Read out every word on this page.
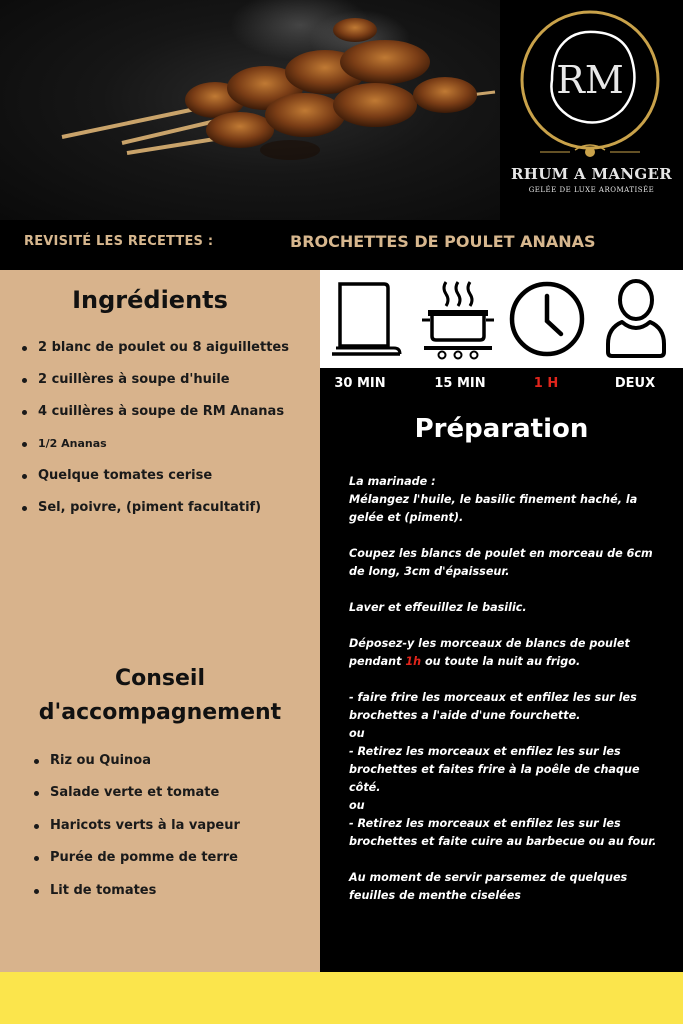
RM
RHUM A MANGER
GELÉE DE LUXE AROMATISÉE
REVISITÉ LES RECETTES :	BROCHETTES DE POULET ANANAS
Ingrédients
2 blanc de poulet ou 8 aiguillettes
2 cuillères à soupe d'huile
4 cuillères à soupe de RM Ananas
1/2 Ananas
Quelque tomates cerise
Sel, poivre, (piment facultatif)
Conseil
d'accompagnement
Riz ou Quinoa
Salade verte et tomate
Haricots verts à la vapeur
Purée de pomme de terre
Lit de tomates
30 MIN	15 MIN	1 H	DEUX
Préparation

La marinade :

Mélangez l'huile, le basilic finement haché, la gelée et (piment).

Coupez les blancs de poulet en morceau de 6cm de long, 3cm d'épaisseur.

Laver et effeuillez le basilic.

Déposez-y les morceaux de blancs de poulet pendant 1h ou toute la nuit au frigo.

- faire frire les morceaux et enfilez les sur les brochettes a l'aide d'une fourchette.

ou

- Retirez les morceaux et enfilez les sur les brochettes et faites frire à la poêle de chaque côté.

ou

- Retirez les morceaux et enfilez les sur les brochettes et faite cuire au barbecue ou au four.

Au moment de servir parsemez de quelques feuilles de menthe ciselées
